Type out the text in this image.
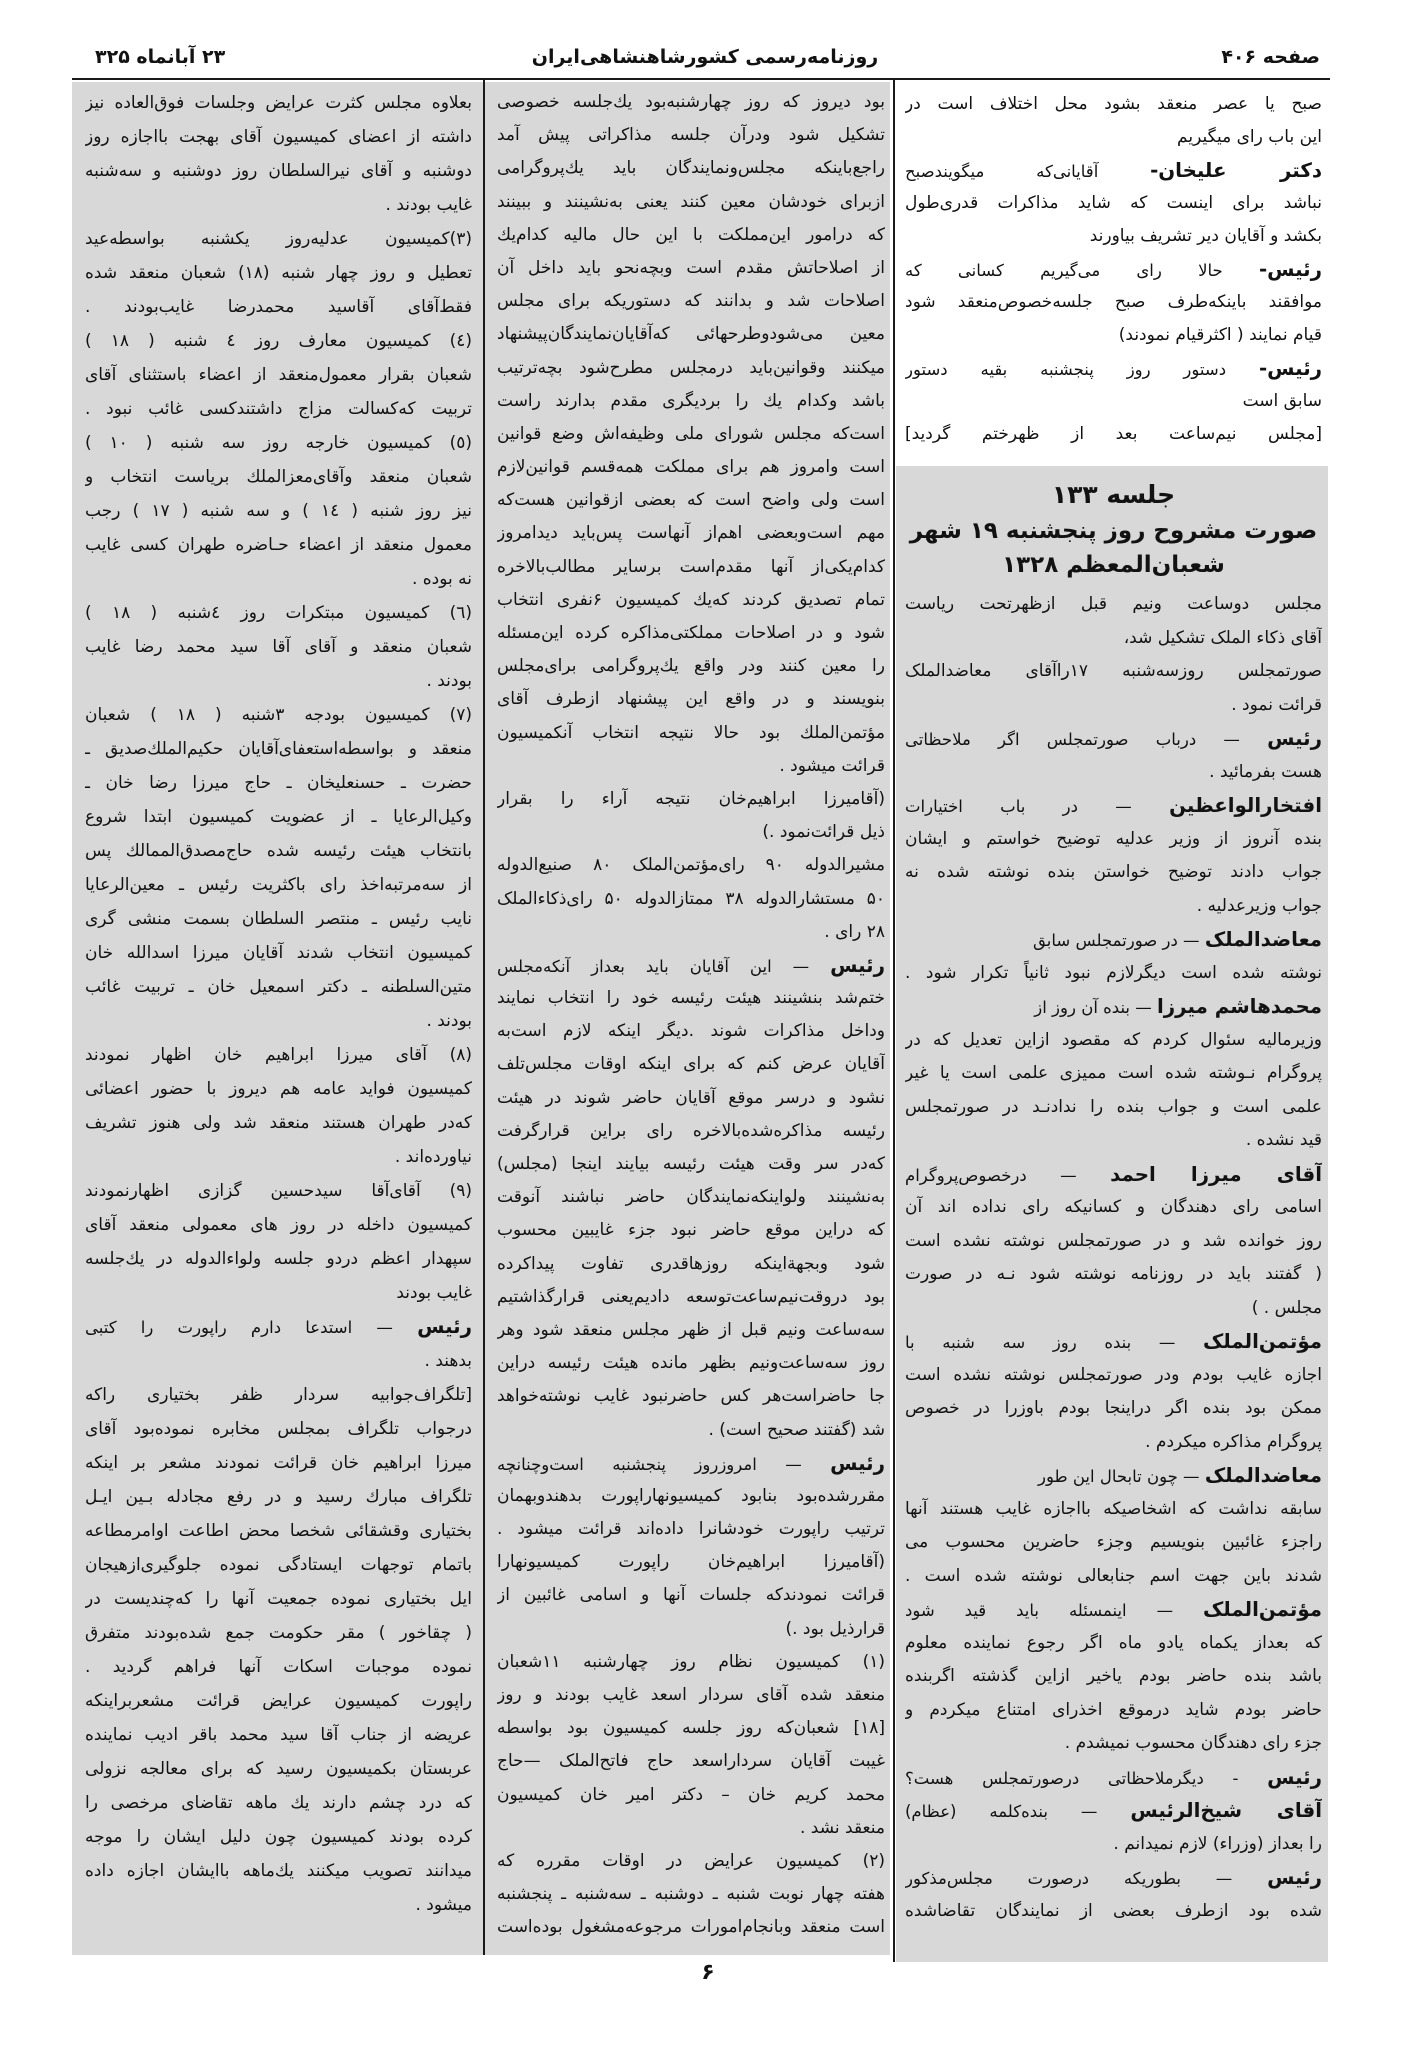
صفحه ۴۰۶
روزنامه‌رسمی کشورشاهنشاهی‌ایران
۲۳ آبانماه ۳۲۵
صبح یا عصر منعقد بشود محل اختلاف است در
این باب رای میگیریم
دکتر علیخان- آقایانی‌که میگویندصبح
نباشد برای اینست که شاید مذاکرات قدری‌طول
بکشد و آقایان دیر تشریف بیاورند
رئیس- حالا رای می‌گیریم کسانی که
موافقند باینکه‌طرف صبح جلسه‌خصوص‌منعقد شود
قیام نمایند ( اکثرقیام نمودند)
رئیس- دستور روز پنجشنبه بقیه دستور
سابق است
[مجلس نیم‌ساعت بعد از ظهرختم گردید]
جلسه ۱۳۳
صورت مشروح روز پنجشنبه ۱۹ شهر
شعبان‌المعظم ۱۳۲۸
مجلس دوساعت ونیم قبل ازظهرتحت ریاست
آقای ذکاء الملک تشکیل شد،
صورتمجلس روزسه‌شنبه ۱۷راآقای معاضدالملک
قرائت نمود .
رئیس — درباب صورتمجلس اگر ملاحظاتی
هست بفرمائید .
افتخارالواعظین — در باب اختیارات
بنده آنروز از وزیر عدلیه توضیح خواستم و ایشان
جواب دادند توضیح خواستن بنده نوشته شده نه
جواب وزیرعدلیه .
معاضدالملک — در صورتمجلس سابق
نوشته شده است دیگرلازم نبود ثانیاً تکرار شود .
محمدهاشم میرزا — بنده آن روز از
وزیرمالیه سئوال کردم که مقصود ازاین تعدیل که در
پروگرام نـوشته شده است ممیزی علمی است یا غیر
علمی است و جواب بنده را ندادنـد در صورتمجلس
قید نشده .
آقای میرزا احمد — درخصوص‌پروگرام
اسامی رای دهندگان و کسانیکه رای نداده اند آن
روز خوانده شد و در صورتمجلس نوشته نشده است
( گفتند باید در روزنامه نوشته شود نـه در صورت
مجلس . )
مؤتمن‌الملک — بنده روز سه شنبه با
اجازه غایب بودم ودر صورتمجلس نوشته نشده است
ممکن بود بنده اگر دراینجا بودم باوزرا در خصوص
پروگرام مذاکره میکردم .
معاضدالملک — چون تابحال این طور
سابقه نداشت که اشخاصیکه بااجازه غایب هستند آنها
راجزء غائبین بنویسیم وجزء حاضرین محسوب می
شدند باین جهت اسم جنابعالی نوشته شده است .
مؤتمن‌الملک — اینمسئله باید قید شود
که بعداز یکماه یادو ماه اگر رجوع نماینده معلوم
باشد بنده حاضر بودم یاخیر ازاین گذشته اگربنده
حاضر بودم شاید درموقع اخذرای امتناع میکردم و
جزء رای دهندگان محسوب نمیشدم .
رئیس - دیگرملاحظاتی درصورتمجلس هست؟
آقای شیخ‌الرئیس — بنده‌کلمه (عظام)
را بعداز (وزراء) لازم نمیدانم .
رئیس — بطوریکه درصورت مجلس‌مذکور
شده بود ازطرف بعضی از نمایندگان تقاضاشده
بود دیروز که روز چهارشنبه‌بود یك‌جلسه خصوصی
تشکیل شود ودرآن جلسه مذاکراتی پیش آمد
راجع‌باینکه مجلس‌ونمایندگان باید یك‌پروگرامی
ازبرای خودشان معین کنند یعنی به‌نشینند و ببینند
که درامور این‌مملکت با این حال مالیه کدام‌یك
از اصلاحاتش مقدم است وبچه‌نحو باید داخل آن
اصلاحات شد و بدانند که دستوریکه برای مجلس
معین می‌شودوطرحهائی که‌آقایان‌نمایندگان‌پیشنهاد
میکنند وقوانین‌باید درمجلس مطرح‌شود بچه‌ترتیب
باشد وکدام یك را بردیگری مقدم بدارند راست
است‌که مجلس شورای ملی وظیفه‌اش وضع قوانین
است وامروز هم برای مملکت همه‌قسم قوانین‌لازم
است ولی واضح است که بعضی ازقوانین هست‌که
مهم است‌وبعضی اهم‌از آنهاست پس‌باید دیدامروز
کدام‌یکی‌از آنها مقدم‌است برسایر مطالب‌بالاخره
تمام تصدیق کردند که‌یك کمیسیون ۶نفری انتخاب
شود و در اصلاحات مملکتی‌مذاکره کرده این‌مسئله
را معین کنند ودر واقع یك‌پروگرامی برای‌مجلس
بنویسند و در واقع این پیشنهاد ازطرف آقای
مؤتمن‌الملك بود حالا نتیجه انتخاب آنکمیسیون
قرائت میشود .
(آقامیرزا ابراهیم‌خان نتیجه آراء را بقرار
ذیل قرائت‌نمود .)
مشیرالدوله ۹۰ رای‌مؤتمن‌الملک ۸۰ صنیع‌الدوله
۵۰ مستشارالدوله ۳۸ ممتازالدوله ۵۰ رای‌ذکاءالملک
۲۸ رای .
رئیس — این آقایان باید بعداز آنکه‌مجلس
ختم‌شد بنشینند هیئت رئیسه خود را انتخاب نمایند
وداخل مذاکرات شوند .دیگر اینکه لازم است‌به
آقایان عرض کنم که برای اینکه اوقات مجلس‌تلف
نشود و درسر موقع آقایان حاضر شوند در هیئت
رئیسه مذاکره‌شده‌بالاخره رای براین قرارگرفت
که‌در سر وقت هیئت رئیسه بیایند اینجا (مجلس)
به‌نشینند ولواینکه‌نمایندگان حاضر نباشند آنوقت
که دراین موقع حاضر نبود جزء غایبین محسوب
شود وبجهة‌اینکه روزها‌قدری تفاوت پیداکرده
بود دروقت‌نیم‌ساعت‌توسعه دادیم‌یعنی قرارگذاشتیم
سه‌ساعت ونیم قبل از ظهر مجلس منعقد شود وهر
روز سه‌ساعت‌ونیم بظهر مانده هیئت رئیسه دراین
جا حاضراست‌هر کس حاضرنبود غایب نوشته‌خواهد
شد (گفتند صحیح است) .
رئیس — امروزروز پنجشنبه است‌وچنانچه
مقررشده‌بود بنابود کمیسیونها‌راپورت بدهندو‌بهمان
ترتیب راپورت خودشانرا داده‌اند قرائت میشود .
(آقامیرزا ابراهیم‌خان راپورت کمیسیونها‌را
قرائت نمودند‌که جلسات آنها و اسامی غائبین از
قرارذیل بود .)
(۱) کمیسیون نظام روز چهارشنبه ۱۱‌شعبان
منعقد شده آقای سردار اسعد غایب بودند و روز
[۱۸] شعبان‌که روز جلسه کمیسیون بود بواسطه
غیبت آقایان سرداراسعد حاج فاتح‌الملک —حاج
محمد کریم خان – دکتر امیر خان کمیسیون
منعقد نشد .
(۲) کمیسیون عرایض در اوقات مقرره که
هفته چهار نوبت شنبه ـ دوشنبه ـ سه‌شنبه ـ پنجشنبه
است منعقد وبانجام‌امورات مرجوعه‌مشغول بوده‌است
بعلاوه مجلس کثرت عرایض وجلسات فوق‌العاده نیز
داشته از اعضای کمیسیون آقای بهجت بااجازه روز
دوشنبه و آقای نیرالسلطان روز دوشنبه و سه‌شنبه
غایب بودند .
(۳)کمیسیون عدلیه‌روز یکشنبه بواسطه‌عید
تعطیل و روز چهار شنبه (۱۸) شعبان منعقد شده
فقط‌آقای آقاسید محمدرضا غایب‌بودند .
(٤) کمیسیون معارف روز ٤ شنبه ( ۱۸ )
شعبان بقرار معمول‌منعقد از اعضاء باستثنای آقای
تربیت که‌کسالت مزاج داشتند‌کسی غائب نبود .
(٥) کمیسیون خارجه روز سه شنبه ( ۱۰ )
شعبان منعقد وآقای‌معزالملك بریاست انتخاب و
نیز روز شنبه ( ۱٤ ) و سه شنبه ( ۱۷ ) رجب
معمول منعقد از اعضاء حـاضره طهران کسی غایب
نه بوده .
(٦) کمیسیون مبتکرات روز ٤‌شنبه ( ۱۸ )
شعبان منعقد و آقای آقا سید محمد رضا غایب
بودند .
(۷) کمیسیون بودجه ۳شنبه ( ۱۸ ) شعبان
منعقد و بواسطه‌استعفای‌آقایان حکیم‌الملك‌صدیق ـ
حضرت ـ حسنعلیخان ـ حاج میرزا رضا خان ـ
وکیل‌الرعایا ـ از عضویت کمیسیون ابتدا شروع
بانتخاب هیئت رئیسه شده حاج‌مصدق‌الممالك پس
از سه‌مرتبه‌اخذ رای با‌کثریت رئیس ـ معین‌الرعایا
نایب رئیس ـ منتصر السلطان بسمت منشی گری
کمیسیون انتخاب شدند آقایان میرزا اسدالله خان
متین‌السلطنه ـ دکتر اسمعیل خان ـ تربیت غائب
بودند .
(۸) آقای میرزا ابراهیم خان اظهار نمودند
کمیسیون فواید عامه هم دیروز با حضور اعضائی
که‌در طهران هستند منعقد شد ولی هنوز تشریف
نیاورده‌اند .
(۹) آقای‌آقا سیدحسین گزازی اظهارنمودند
کمیسیون داخله در روز های معمولی منعقد آقای
سپهدار اعظم دردو جلسه ولواءالدوله در یك‌جلسه
غایب بودند
رئیس — استدعا دارم راپورت را کتبی
بدهند .
[تلگراف‌جوابیه سردار ظفر بختیاری راکه
درجواب تلگراف بمجلس مخابره نموده‌بود آقای
میرزا ابراهیم خان قرائت نمودند مشعر بر اینکه
تلگراف مبارك رسید و در رفع مجادله بـین ایـل
بختیاری وقشقائی شخصا محض اطاعت اوامرمطاعه
باتمام توجهات ایستادگی نموده جلوگیری‌ازهیجان
ایل بختیاری نموده جمعیت آنها را که‌چندیست در
( چقاخور ) مقر حکومت جمع شده‌بودند متفرق
نموده موجبات اسکات آنها فراهم گردید .
راپورت کمیسیون عرایض قرائت مشعربراینکه
عریضه از جناب آقا سید محمد باقر ادیب نماینده
عربستان بکمیسیون رسید که برای معالجه نزولی
که درد چشم دارند یك ماهه تقاضای مرخصی را
کرده بودند کمیسیون چون دلیل ایشان را موجه
میدانند تصویب میکنند یك‌ماهه باایشان اجازه داده
میشود .
۶
